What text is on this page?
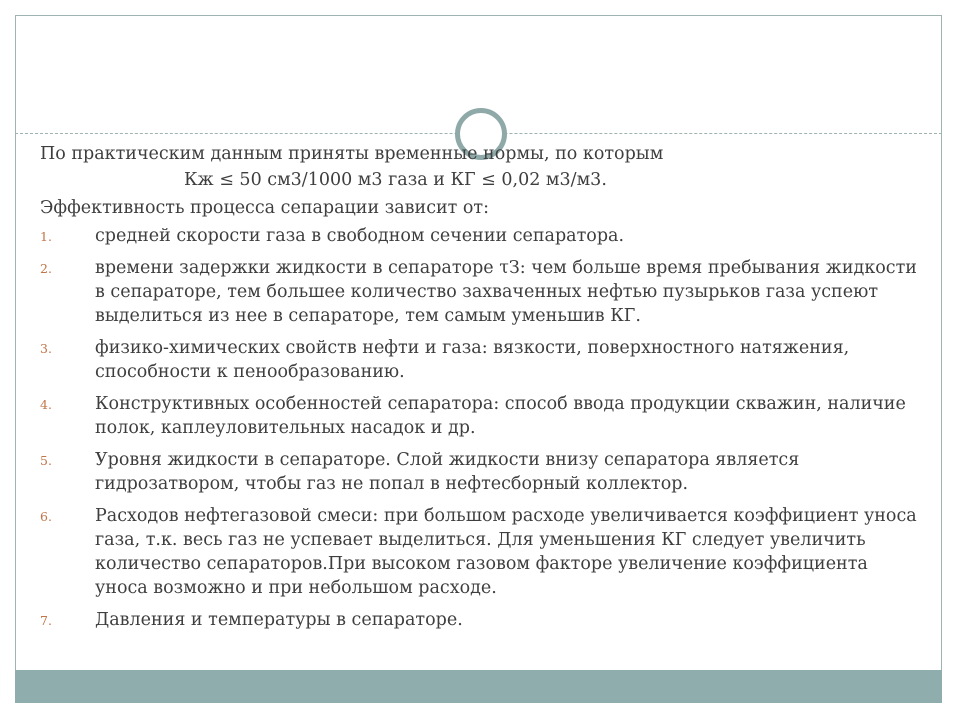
По практическим данным приняты временные нормы, по которым

Кж ≤ 50 см3/1000 м3 газа и КГ ≤ 0,02 м3/м3.

Эффективность процесса сепарации зависит от:

1. средней скорости газа в свободном сечении сепаратора.
2. времени задержки жидкости в сепараторе τЗ: чем больше время пребывания жидкости в сепараторе, тем большее количество захваченных нефтью пузырьков газа успеют выделиться из нее в сепараторе, тем самым уменьшив КГ.
3. физико-химических свойств нефти и газа: вязкости, поверхностного натяжения, способности к пенообразованию.
4. Конструктивных особенностей сепаратора: способ ввода продукции скважин, наличие полок, каплеуловительных насадок и др.
5. Уровня жидкости в сепараторе. Слой жидкости внизу сепаратора является гидрозатвором, чтобы газ не попал в нефтесборный коллектор.
6. Расходов нефтегазовой смеси: при большом расходе увеличивается коэффициент уноса газа, т.к. весь газ не успевает выделиться. Для уменьшения КГ следует увеличить количество сепараторов.При высоком газовом факторе увеличение коэффициента уноса возможно и при небольшом расходе.
7. Давления и температуры в сепараторе.
